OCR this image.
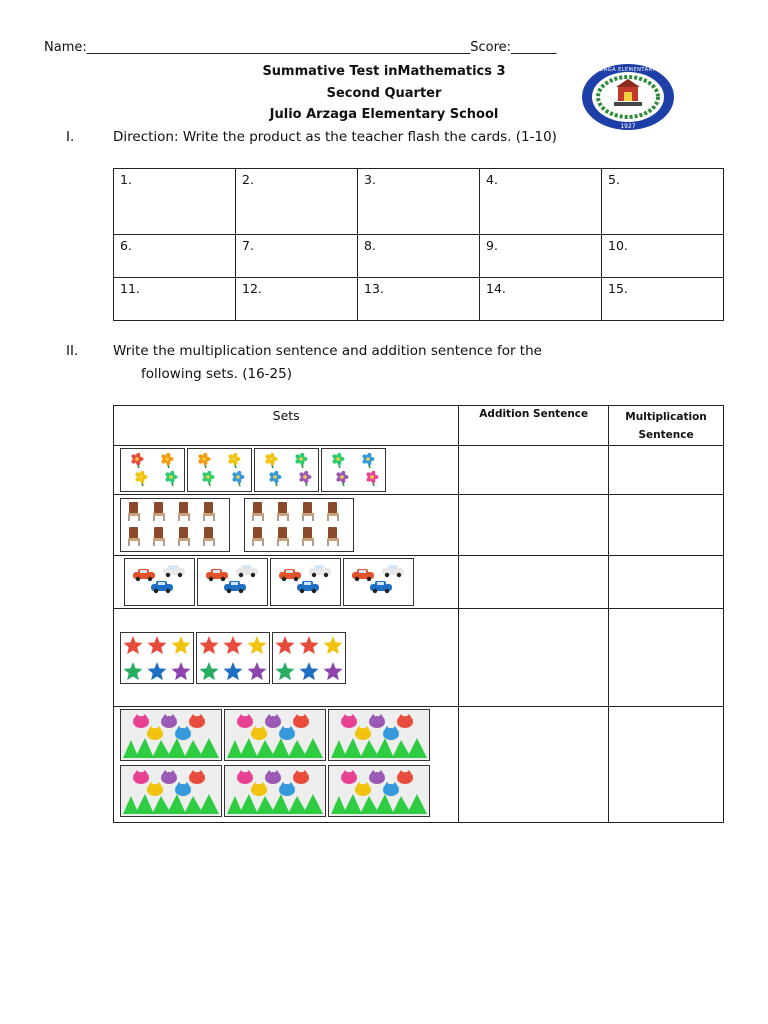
Name:___________________________________________________________Score:_______
Summative Test inMathematics 3
Second Quarter
Julio Arzaga Elementary School
1927
JULIO ARZAGA ELEMENTARY SCHOOL
I.	Direction: Write the product as the teacher flash the cards. (1-10)
1.	2.	3.	4.	5.
6.	7.	8.	9.	10.
11.	12.	13.	14.	15.
II.	Write the multiplication sentence and addition sentence for the
following sets. (16-25)
Sets	Addition Sentence	Multiplication Sentence
